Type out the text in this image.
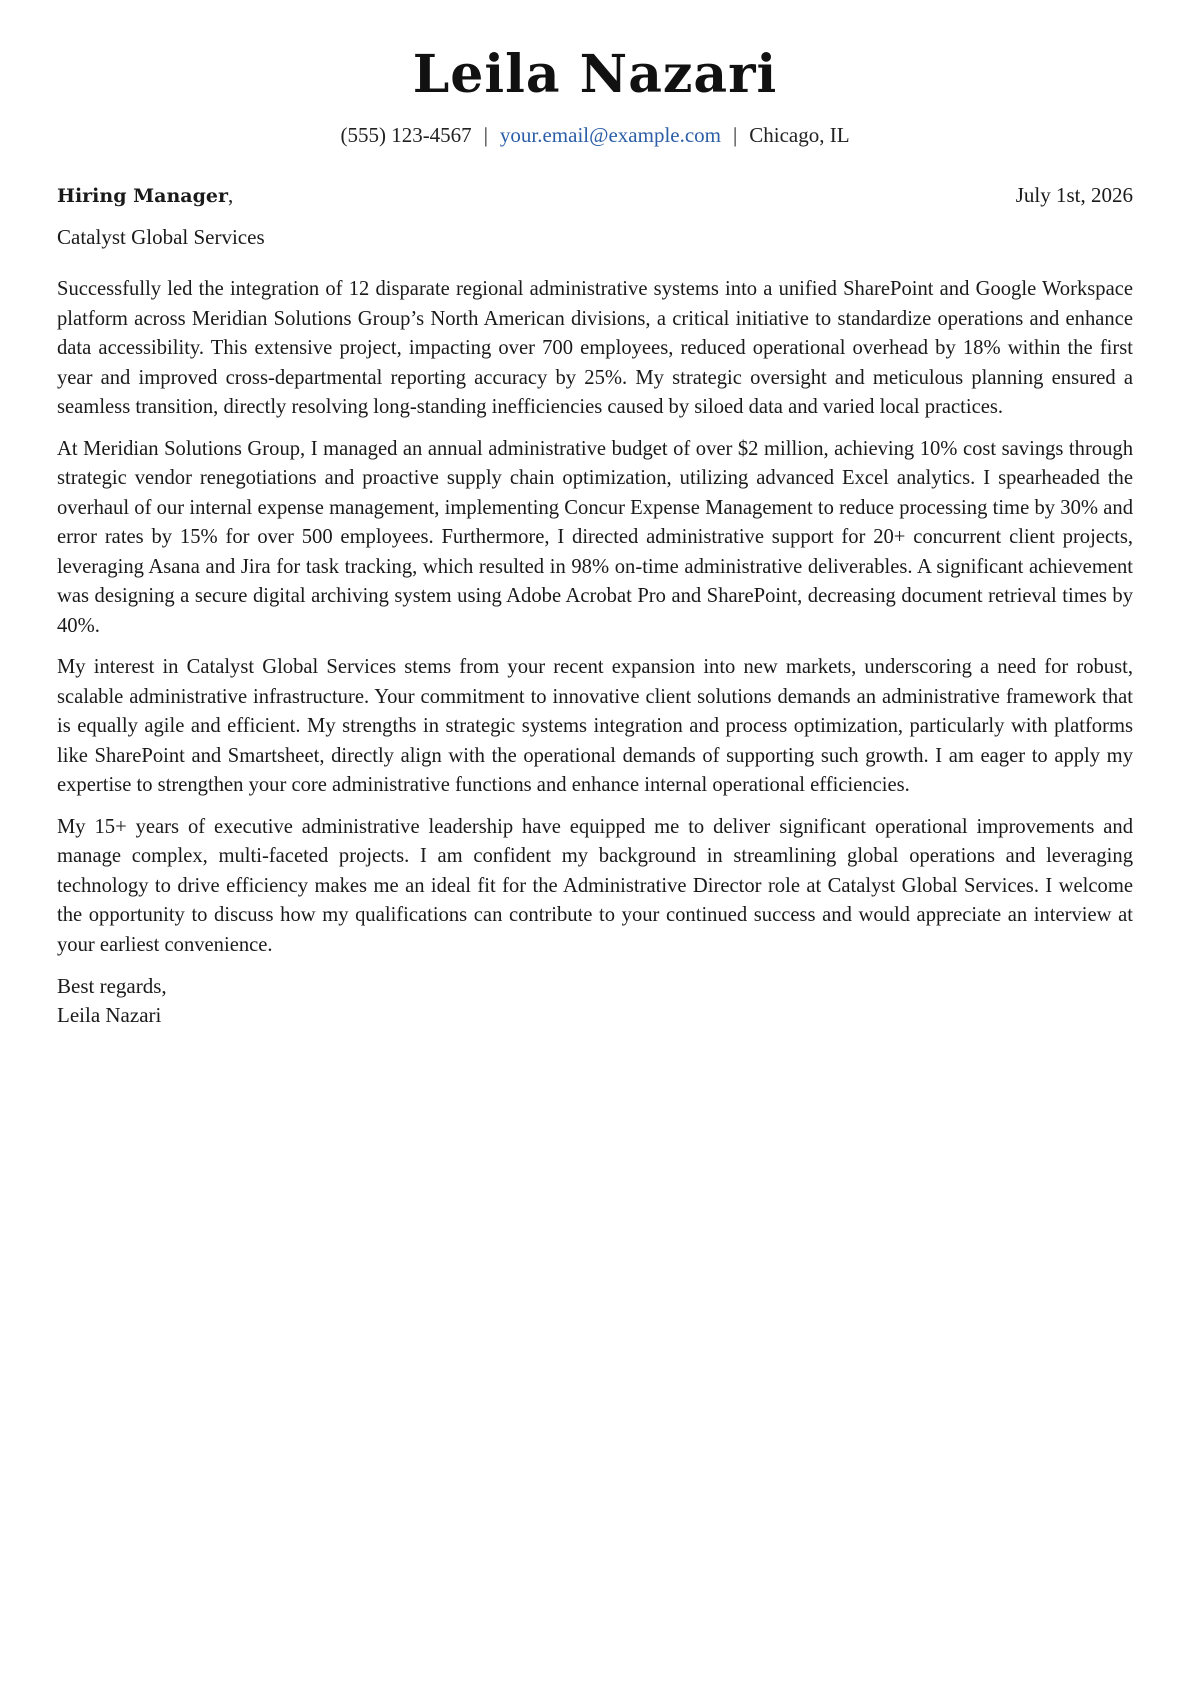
Leila Nazari
(555) 123-4567 | your.email@example.com | Chicago, IL
Hiring Manager,	July 1st, 2026
Catalyst Global Services

Successfully led the integration of 12 disparate regional administrative systems into a unified SharePoint and Google Workspace platform across Meridian Solutions Group’s North American divisions, a critical initiative to standardize operations and enhance data accessibility. This extensive project, impacting over 700 employees, reduced operational overhead by 18% within the first year and improved cross-departmental reporting accuracy by 25%. My strategic oversight and meticulous planning ensured a seamless transition, directly resolving long-standing inefficiencies caused by siloed data and varied local practices.

At Meridian Solutions Group, I managed an annual administrative budget of over $2 million, achieving 10% cost savings through strategic vendor renegotiations and proactive supply chain optimization, utilizing advanced Excel analytics. I spearheaded the overhaul of our internal expense management, implementing Concur Expense Management to reduce processing time by 30% and error rates by 15% for over 500 employees. Furthermore, I directed administrative support for 20+ concurrent client projects, leveraging Asana and Jira for task tracking, which resulted in 98% on-time administrative deliverables. A significant achievement was designing a secure digital archiving system using Adobe Acrobat Pro and SharePoint, decreasing document retrieval times by 40%.

My interest in Catalyst Global Services stems from your recent expansion into new markets, underscoring a need for robust, scalable administrative infrastructure. Your commitment to innovative client solutions demands an administrative framework that is equally agile and efficient. My strengths in strategic systems integration and process optimization, particularly with platforms like SharePoint and Smartsheet, directly align with the operational demands of supporting such growth. I am eager to apply my expertise to strengthen your core administrative functions and enhance internal operational efficiencies.

My 15+ years of executive administrative leadership have equipped me to deliver significant operational improvements and manage complex, multi-faceted projects. I am confident my background in streamlining global operations and leveraging technology to drive efficiency makes me an ideal fit for the Administrative Director role at Catalyst Global Services. I welcome the opportunity to discuss how my qualifications can contribute to your continued success and would appreciate an interview at your earliest convenience.

Best regards,
Leila Nazari
